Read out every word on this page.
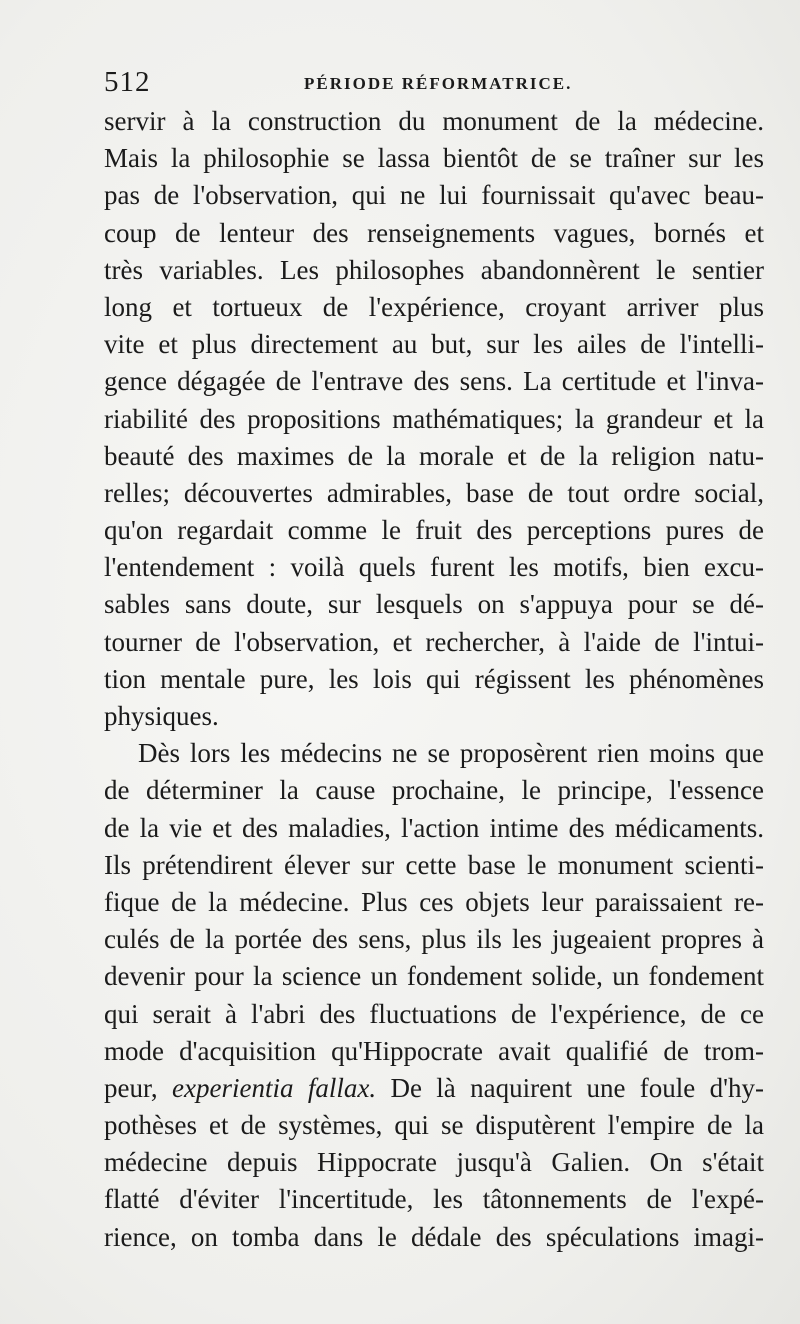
512	PÉRIODE RÉFORMATRICE.
servir à la construction du monument de la médecine.
Mais la philosophie se lassa bientôt de se traîner sur les
pas de l'observation, qui ne lui fournissait qu'avec beau-
coup de lenteur des renseignements vagues, bornés et
très variables. Les philosophes abandonnèrent le sentier
long et tortueux de l'expérience, croyant arriver plus
vite et plus directement au but, sur les ailes de l'intelli-
gence dégagée de l'entrave des sens. La certitude et l'inva-
riabilité des propositions mathématiques; la grandeur et la
beauté des maximes de la morale et de la religion natu-
relles; découvertes admirables, base de tout ordre social,
qu'on regardait comme le fruit des perceptions pures de
l'entendement : voilà quels furent les motifs, bien excu-
sables sans doute, sur lesquels on s'appuya pour se dé-
tourner de l'observation, et rechercher, à l'aide de l'intui-
tion mentale pure, les lois qui régissent les phénomènes
physiques.
Dès lors les médecins ne se proposèrent rien moins que
de déterminer la cause prochaine, le principe, l'essence
de la vie et des maladies, l'action intime des médicaments.
Ils prétendirent élever sur cette base le monument scienti-
fique de la médecine. Plus ces objets leur paraissaient re-
culés de la portée des sens, plus ils les jugeaient propres à
devenir pour la science un fondement solide, un fondement
qui serait à l'abri des fluctuations de l'expérience, de ce
mode d'acquisition qu'Hippocrate avait qualifié de trom-
peur, experientia fallax. De là naquirent une foule d'hy-
pothèses et de systèmes, qui se disputèrent l'empire de la
médecine depuis Hippocrate jusqu'à Galien. On s'était
flatté d'éviter l'incertitude, les tâtonnements de l'expé-
rience, on tomba dans le dédale des spéculations imagi-
